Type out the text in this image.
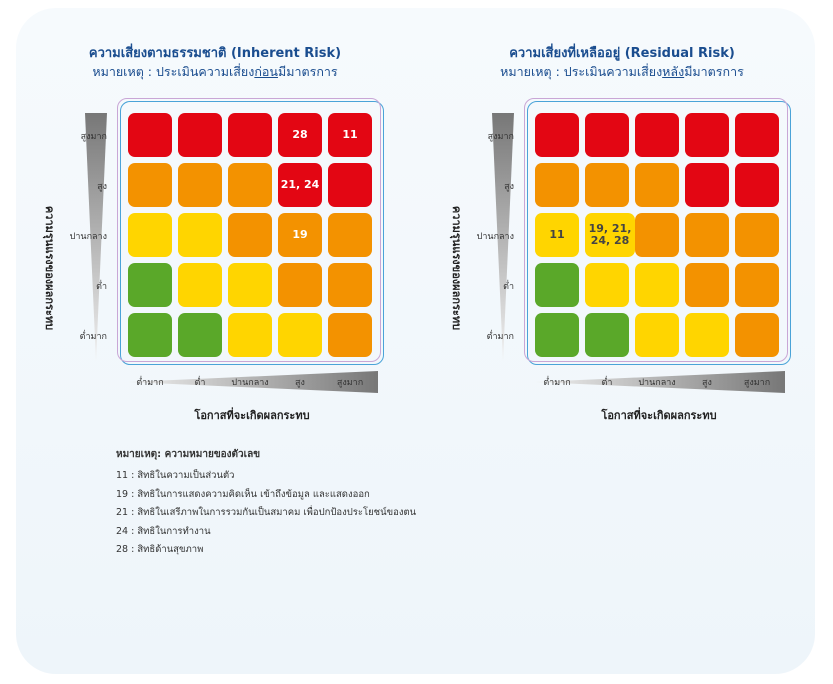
ความเสี่ยงตามธรรมชาติ (Inherent Risk)
หมายเหตุ : ประเมินความเสี่ยงก่อนมีมาตรการ
ความรุนแรงของผลกระทบ
สูงมาก
สูง
ปานกลาง
ต่ำ
ต่ำมาก
28	11
21, 24
19
ต่ำมาก	ต่ำ	ปานกลาง	สูง	สูงมาก
โอกาสที่จะเกิดผลกระทบ
ความเสี่ยงที่เหลืออยู่ (Residual Risk)
หมายเหตุ : ประเมินความเสี่ยงหลังมีมาตรการ
ความรุนแรงของผลกระทบ
สูงมาก
สูง
ปานกลาง
ต่ำ
ต่ำมาก
11	19, 21, 24, 28
ต่ำมาก	ต่ำ	ปานกลาง	สูง	สูงมาก
โอกาสที่จะเกิดผลกระทบ
หมายเหตุ: ความหมายของตัวเลข
11 : สิทธิในความเป็นส่วนตัว
19 : สิทธิในการแสดงความคิดเห็น เข้าถึงข้อมูล และแสดงออก
21 : สิทธิในเสรีภาพในการรวมกันเป็นสมาคม เพื่อปกป้องประโยชน์ของตน
24 : สิทธิในการทำงาน
28 : สิทธิด้านสุขภาพ
